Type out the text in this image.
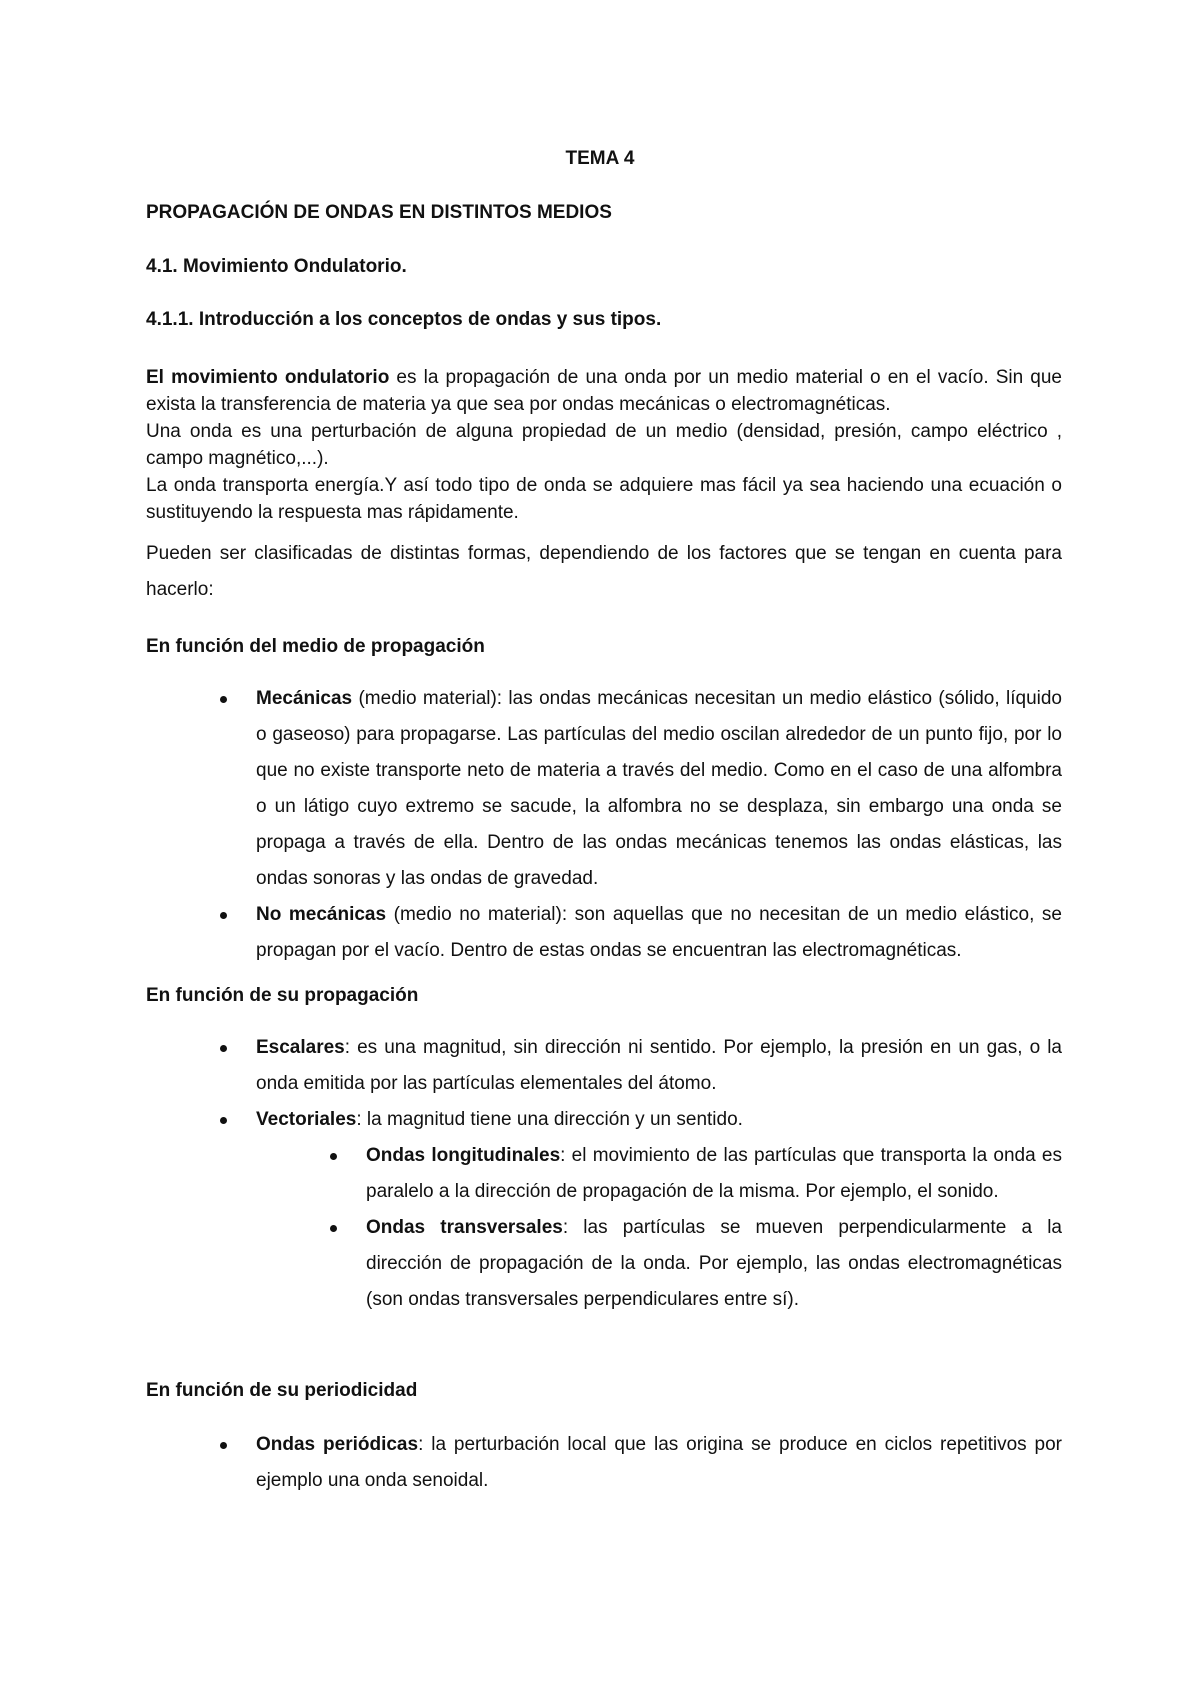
TEMA 4
PROPAGACIÓN DE ONDAS EN DISTINTOS MEDIOS
4.1. Movimiento Ondulatorio.
4.1.1. Introducción a los conceptos de ondas y sus tipos.
El movimiento ondulatorio es la propagación de una onda por un medio material o en el vacío. Sin que exista la transferencia de materia ya que sea por ondas mecánicas o electromagnéticas.
Una onda es una perturbación de alguna propiedad de un medio (densidad, presión, campo eléctrico , campo magnético,...).
La onda transporta energía.Y así todo tipo de onda se adquiere mas fácil ya sea haciendo una ecuación o sustituyendo la respuesta mas rápidamente.
Pueden ser clasificadas de distintas formas, dependiendo de los factores que se tengan en cuenta para hacerlo:
En función del medio de propagación
Mecánicas (medio material): las ondas mecánicas necesitan un medio elástico (sólido, líquido o gaseoso) para propagarse. Las partículas del medio oscilan alrededor de un punto fijo, por lo que no existe transporte neto de materia a través del medio. Como en el caso de una alfombra o un látigo cuyo extremo se sacude, la alfombra no se desplaza, sin embargo una onda se propaga a través de ella. Dentro de las ondas mecánicas tenemos las ondas elásticas, las ondas sonoras y las ondas de gravedad.
No mecánicas (medio no material): son aquellas que no necesitan de un medio elástico, se propagan por el vacío. Dentro de estas ondas se encuentran las electromagnéticas.
En función de su propagación
Escalares: es una magnitud, sin dirección ni sentido. Por ejemplo, la presión en un gas, o la onda emitida por las partículas elementales del átomo.
Vectoriales: la magnitud tiene una dirección y un sentido.
Ondas longitudinales: el movimiento de las partículas que transporta la onda es paralelo a la dirección de propagación de la misma. Por ejemplo, el sonido.
Ondas transversales: las partículas se mueven perpendicularmente a la dirección de propagación de la onda. Por ejemplo, las ondas electromagnéticas (son ondas transversales perpendiculares entre sí).
En función de su periodicidad
Ondas periódicas: la perturbación local que las origina se produce en ciclos repetitivos por ejemplo una onda senoidal.
